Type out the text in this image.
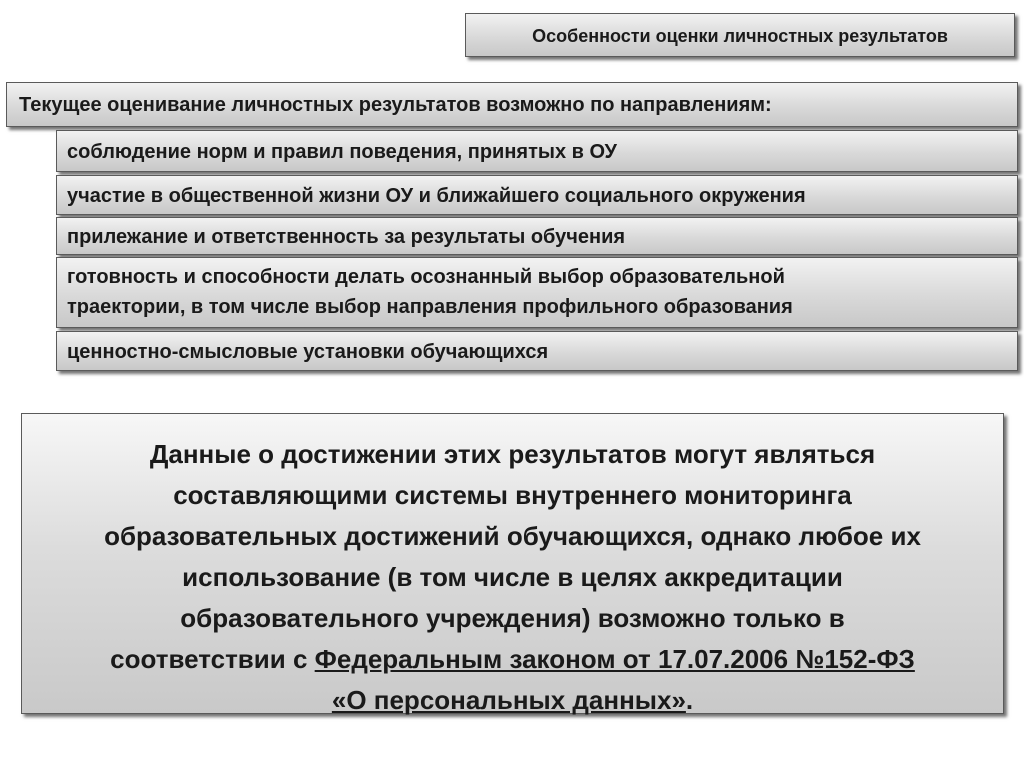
Особенности оценки личностных результатов
Текущее оценивание личностных результатов возможно по направлениям:
соблюдение норм и правил поведения, принятых в ОУ
участие в общественной жизни ОУ и ближайшего социального окружения
прилежание и ответственность за результаты обучения
готовность и способности делать осознанный выбор образовательной
траектории, в том числе выбор направления профильного образования
ценностно-смысловые установки обучающихся
Данные о достижении этих результатов могут являться
составляющими системы внутреннего мониторинга
образовательных достижений обучающихся, однако любое их
использование (в том числе в целях аккредитации
образовательного учреждения) возможно только в
соответствии с Федеральным законом от 17.07.2006 №152-ФЗ
«О персональных данных».
